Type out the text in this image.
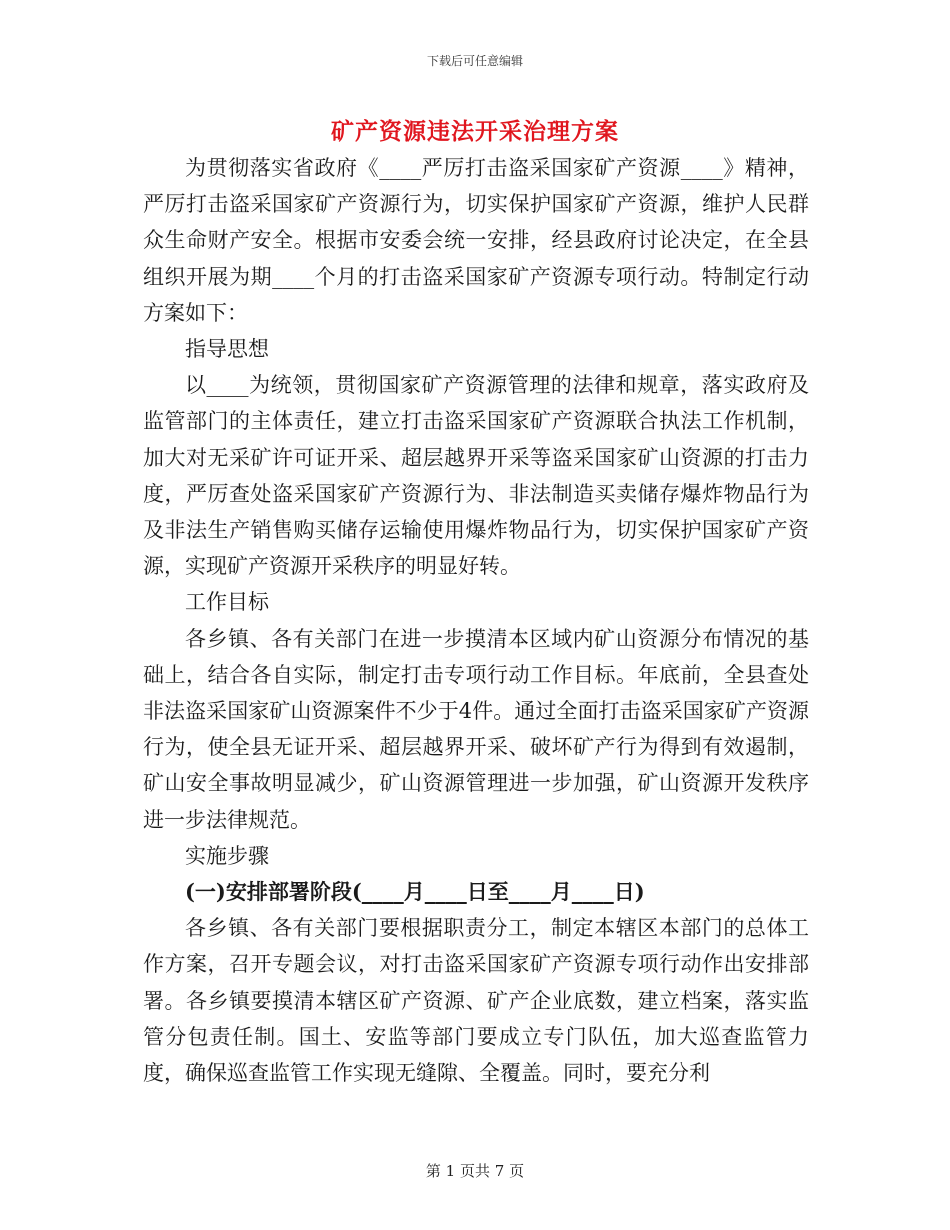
下载后可任意编辑
矿产资源违法开采治理方案

为贯彻落实省政府《____严厉打击盗采国家矿产资源____》精神，严厉打击盗采国家矿产资源行为，切实保护国家矿产资源，维护人民群众生命财产安全。根据市安委会统一安排，经县政府讨论决定，在全县组织开展为期____个月的打击盗采国家矿产资源专项行动。特制定行动方案如下：

指导思想

以____为统领，贯彻国家矿产资源管理的法律和规章，落实政府及监管部门的主体责任，建立打击盗采国家矿产资源联合执法工作机制，加大对无采矿许可证开采、超层越界开采等盗采国家矿山资源的打击力度，严厉查处盗采国家矿产资源行为、非法制造买卖储存爆炸物品行为及非法生产销售购买储存运输使用爆炸物品行为，切实保护国家矿产资源，实现矿产资源开采秩序的明显好转。

工作目标

各乡镇、各有关部门在进一步摸清本区域内矿山资源分布情况的基础上，结合各自实际，制定打击专项行动工作目标。年底前，全县查处非法盗采国家矿山资源案件不少于4件。通过全面打击盗采国家矿产资源行为，使全县无证开采、超层越界开采、破坏矿产行为得到有效遏制，矿山安全事故明显减少，矿山资源管理进一步加强，矿山资源开发秩序进一步法律规范。

实施步骤

(一)安排部署阶段(____月____日至____月____日)

各乡镇、各有关部门要根据职责分工，制定本辖区本部门的总体工作方案，召开专题会议，对打击盗采国家矿产资源专项行动作出安排部署。各乡镇要摸清本辖区矿产资源、矿产企业底数，建立档案，落实监管分包责任制。国土、安监等部门要成立专门队伍，加大巡查监管力度，确保巡查监管工作实现无缝隙、全覆盖。同时，要充分利

第 1 页共 7 页
